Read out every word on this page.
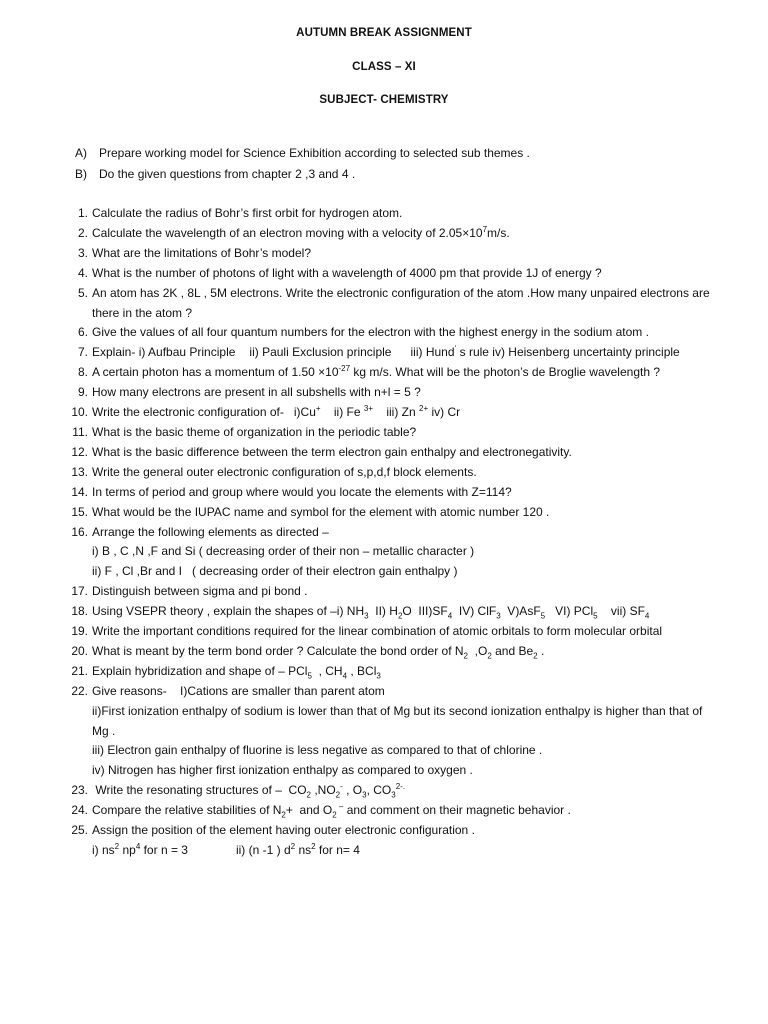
AUTUMN BREAK ASSIGNMENT
CLASS – XI
SUBJECT- CHEMISTRY
A) Prepare working model for Science Exhibition according to selected sub themes .
B) Do the given questions from chapter 2 ,3 and 4 .
1. Calculate the radius of Bohr’s first orbit for hydrogen atom.
2. Calculate the wavelength of an electron moving with a velocity of $2.05\times 10^7m/s$.
3. What are the limitations of Bohr’s model?
4. What is the number of photons of light with a wavelength of 4000 pm that provide 1J of energy ?
5. An atom has 2K , 8L , 5M electrons. Write the electronic configuration of the atom .How many unpaired electrons are
there in the atom ?
6. Give the values of all four quantum numbers for the electron with the highest energy in the sodium atom .
7. Explain- i) Aufbau Principle ii) Pauli Exclusion principle iii) Hund‘ s rule iv) Heisenberg uncertainty principle
8. A certain photon has a momentum of $1.50 \times 10^{-27}$ kg m/s. What will be the photon’s de Broglie wavelength ?
9. How many electrons are present in all subshells with n+l = 5 ?
10. Write the electronic configuration of-   i)Cu+    ii) Fe $^{3+}$    iii) Zn $^{2+}$ iv) Cr
11. What is the basic theme of organization in the periodic table?
12. What is the basic difference between the term electron gain enthalpy and electronegativity.
13. Write the general outer electronic configuration of s,p,d,f block elements.
14. In terms of period and group where would you locate the elements with Z=114?
15. What would be the IUPAC name and symbol for the element with atomic number 120 .
16. Arrange the following elements as directed –
i) B , C ,N ,F and Si ( decreasing order of their non – metallic character )
ii) F , Cl ,Br and I   ( decreasing order of their electron gain enthalpy )
17. Distinguish between sigma and pi bond .
18. Using VSEPR theory , explain the shapes of –i) $NH_3$  II) $H_2O$  $III)SF_4$  IV) ClF$_3$  V)AsF$_5$   VI) PCl$_5$    vii) $SF_4$
19. Write the important conditions required for the linear combination of atomic orbitals to form molecular orbital
20. What is meant by the term bond order ? Calculate the bond order of $N_2$  $,O_2$ and $Be_2$ .
21. Explain hybridization and shape of – PCl$_5$  , $CH_4$ , BCl$_3$
22. Give reasons-    I)Cations are smaller than parent atom
ii)First ionization enthalpy of sodium is lower than that of Mg but its second ionization enthalpy is higher than that of
Mg .
iii) Electron gain enthalpy of fluorine is less negative as compared to that of chlorine .
iv) Nitrogen has higher first ionization enthalpy as compared to oxygen .
23. Write the resonating structures of –  $CO_2$ $,NO_2^-$ , $O_3$, $CO_3^{2-.}$
24. Compare the relative stabilities of $N_2+$  and $O_2$ – and comment on their magnetic behavior .
25. Assign the position of the element having outer electronic configuration .
i) $ns^2$ $np^4$ for n = 3	ii) (n -1 ) $d^2$ $ns^2$ for n= 4
